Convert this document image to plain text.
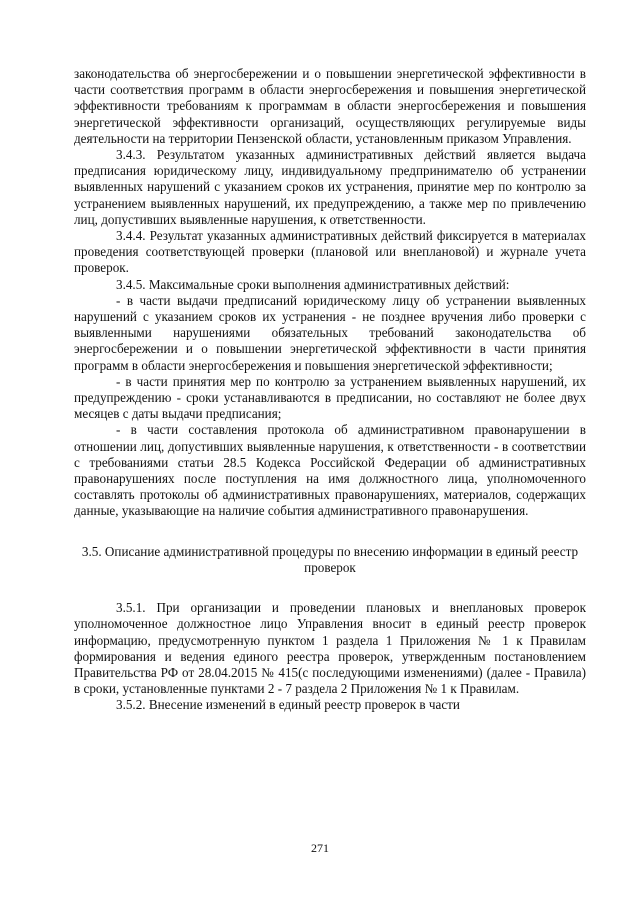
законодательства об энергосбережении и о повышении энергетической эффективности в части соответствия программ в области энергосбережения и повышения энергетической эффективности требованиям к программам в области энергосбережения и повышения энергетической эффективности организаций, осуществляющих регулируемые виды деятельности на территории Пензенской области, установленным приказом Управления.

3.4.3. Результатом указанных административных действий является выдача предписания юридическому лицу, индивидуальному предпринимателю об устранении выявленных нарушений с указанием сроков их устранения, принятие мер по контролю за устранением выявленных нарушений, их предупреждению, а также мер по привлечению лиц, допустивших выявленные нарушения, к ответственности.

3.4.4. Результат указанных административных действий фиксируется в материалах проведения соответствующей проверки (плановой или внеплановой) и журнале учета проверок.

3.4.5. Максимальные сроки выполнения административных действий:

- в части выдачи предписаний юридическому лицу об устранении выявленных нарушений с указанием сроков их устранения - не позднее вручения либо проверки с выявленными нарушениями обязательных требований законодательства об энергосбережении и о повышении энергетической эффективности в части принятия программ в области энергосбережения и повышения энергетической эффективности;

- в части принятия мер по контролю за устранением выявленных нарушений, их предупреждению - сроки устанавливаются в предписании, но составляют не более двух месяцев с даты выдачи предписания;

- в части составления протокола об административном правонарушении в отношении лиц, допустивших выявленные нарушения, к ответственности - в соответствии с требованиями статьи 28.5 Кодекса Российской Федерации об административных правонарушениях после поступления на имя должностного лица, уполномоченного составлять протоколы об административных правонарушениях, материалов, содержащих данные, указывающие на наличие события административного правонарушения.

3.5. Описание административной процедуры по внесению информации в единый реестр проверок

3.5.1. При организации и проведении плановых и внеплановых проверок уполномоченное должностное лицо Управления вносит в единый реестр проверок информацию, предусмотренную пунктом 1 раздела 1 Приложения № 1 к Правилам формирования и ведения единого реестра проверок, утвержденным постановлением Правительства РФ от 28.04.2015 № 415(с последующими изменениями) (далее - Правила) в сроки, установленные пунктами 2 - 7 раздела 2 Приложения № 1 к Правилам.

3.5.2. Внесение изменений в единый реестр проверок в части

271
